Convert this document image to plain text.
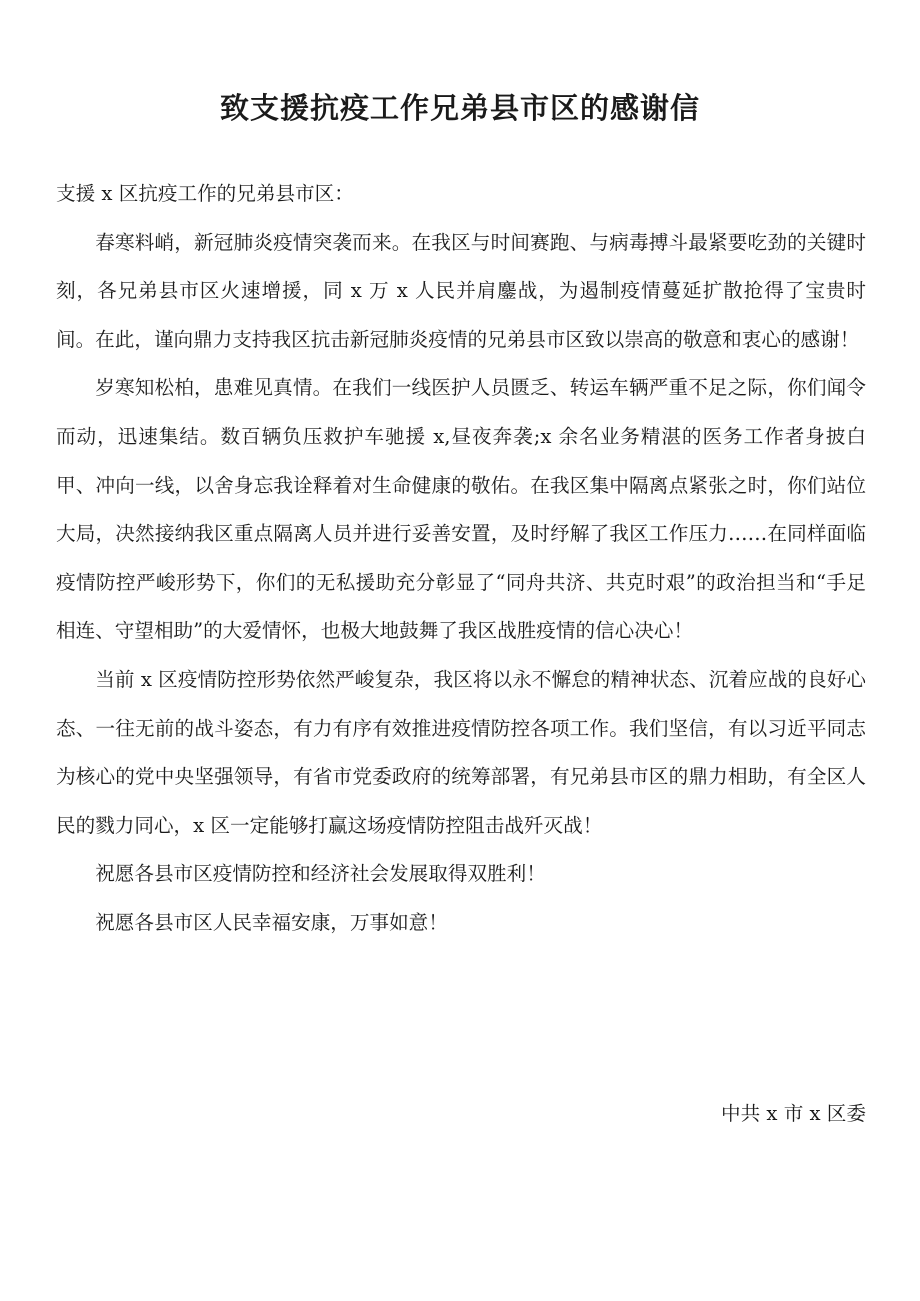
致支援抗疫工作兄弟县市区的感谢信

支援 x 区抗疫工作的兄弟县市区：

春寒料峭，新冠肺炎疫情突袭而来。在我区与时间赛跑、与病毒搏斗最紧要吃劲的关键时刻，各兄弟县市区火速增援，同 x 万 x 人民并肩鏖战，为遏制疫情蔓延扩散抢得了宝贵时间。在此，谨向鼎力支持我区抗击新冠肺炎疫情的兄弟县市区致以崇高的敬意和衷心的感谢！

岁寒知松柏，患难见真情。在我们一线医护人员匮乏、转运车辆严重不足之际，你们闻令而动，迅速集结。数百辆负压救护车驰援 x,昼夜奔袭;x 余名业务精湛的医务工作者身披白甲、冲向一线，以舍身忘我诠释着对生命健康的敬佑。在我区集中隔离点紧张之时，你们站位大局，决然接纳我区重点隔离人员并进行妥善安置，及时纾解了我区工作压力……在同样面临疫情防控严峻形势下，你们的无私援助充分彰显了“同舟共济、共克时艰”的政治担当和“手足相连、守望相助”的大爱情怀，也极大地鼓舞了我区战胜疫情的信心决心！

当前 x 区疫情防控形势依然严峻复杂，我区将以永不懈怠的精神状态、沉着应战的良好心态、一往无前的战斗姿态，有力有序有效推进疫情防控各项工作。我们坚信，有以习近平同志为核心的党中央坚强领导，有省市党委政府的统筹部署，有兄弟县市区的鼎力相助，有全区人民的戮力同心，x 区一定能够打赢这场疫情防控阻击战歼灭战！

祝愿各县市区疫情防控和经济社会发展取得双胜利！

祝愿各县市区人民幸福安康，万事如意！

中共 x 市 x 区委
